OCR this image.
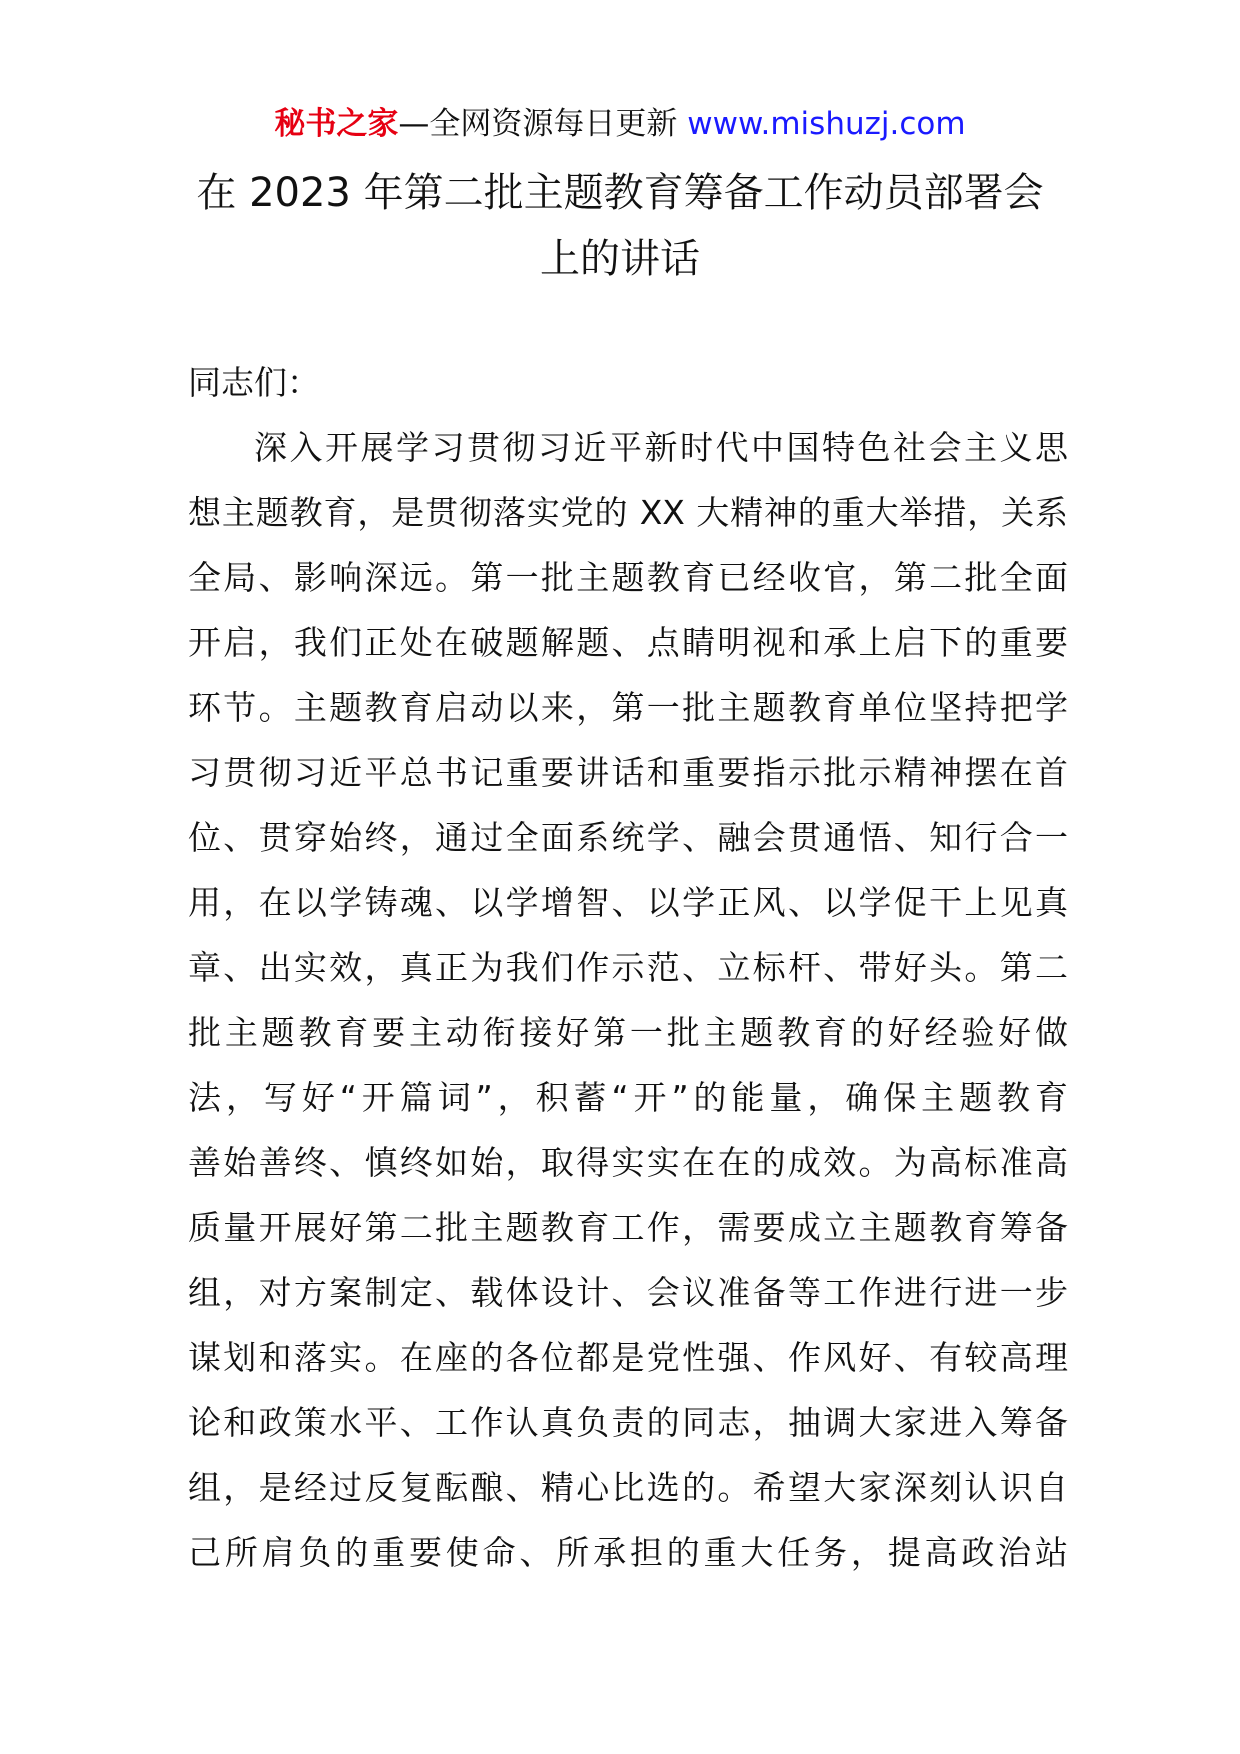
秘书之家—全网资源每日更新 www.mishuzj.com
在 2023 年第二批主题教育筹备工作动员部署会
上的讲话
同志们：
深入开展学习贯彻习近平新时代中国特色社会主义思
想主题教育，是贯彻落实党的 XX 大精神的重大举措，关系
全局、影响深远。第一批主题教育已经收官，第二批全面
开启，我们正处在破题解题、点睛明视和承上启下的重要
环节。主题教育启动以来，第一批主题教育单位坚持把学
习贯彻习近平总书记重要讲话和重要指示批示精神摆在首
位、贯穿始终，通过全面系统学、融会贯通悟、知行合一
用，在以学铸魂、以学增智、以学正风、以学促干上见真
章、出实效，真正为我们作示范、立标杆、带好头。第二
批主题教育要主动衔接好第一批主题教育的好经验好做
法，写好“开篇词”，积蓄“开”的能量，确保主题教育
善始善终、慎终如始，取得实实在在的成效。为高标准高
质量开展好第二批主题教育工作，需要成立主题教育筹备
组，对方案制定、载体设计、会议准备等工作进行进一步
谋划和落实。在座的各位都是党性强、作风好、有较高理
论和政策水平、工作认真负责的同志，抽调大家进入筹备
组，是经过反复酝酿、精心比选的。希望大家深刻认识自
己所肩负的重要使命、所承担的重大任务，提高政治站
